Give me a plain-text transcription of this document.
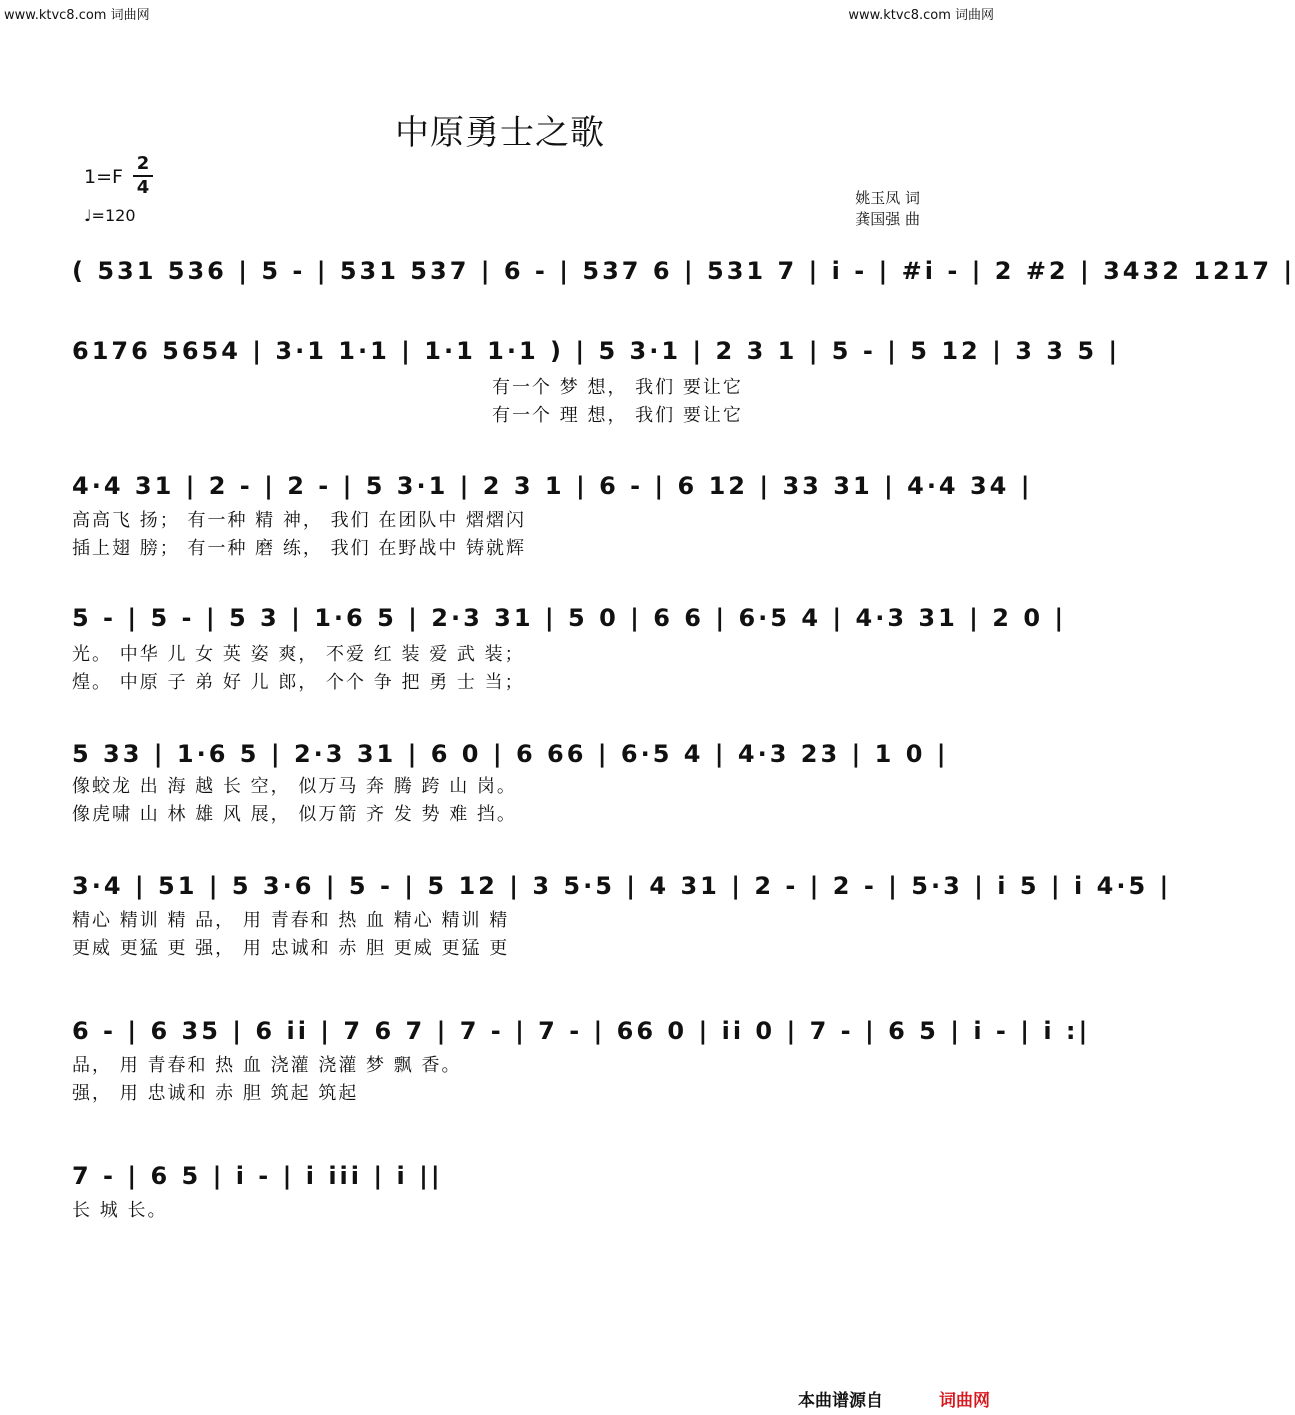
www.ktvc8.com 词曲网	www.ktvc8.com 词曲网
中原勇士之歌
1=F
2
4
♩=120
姚玉凤 词
龚国强 曲
( 531 536 | 5 - | 531 537 | 6 - | 537 6 | 531 7 | i - | #i - | 2 #2 | 3432 1217 |
6176 5654 | 3·1 1·1 | 1·1 1·1 ) | 5 3·1 | 2 3 1 | 5 - | 5 12 | 3 3 5 |
有一个 梦 想， 我们 要让它
有一个 理 想， 我们 要让它
4·4 31 | 2 - | 2 - | 5 3·1 | 2 3 1 | 6 - | 6 12 | 33 31 | 4·4 34 |
高高飞 扬； 有一种 精 神， 我们 在团队中 熠熠闪
插上翅 膀； 有一种 磨 练， 我们 在野战中 铸就辉
5 - | 5 - | 5 3 | 1·6 5 | 2·3 31 | 5 0 | 6 6 | 6·5 4 | 4·3 31 | 2 0 |
光。 中华 儿 女 英 姿 爽， 不爱 红 装 爱 武 装；
煌。 中原 子 弟 好 儿 郎， 个个 争 把 勇 士 当；
5 33 | 1·6 5 | 2·3 31 | 6 0 | 6 66 | 6·5 4 | 4·3 23 | 1 0 |
像蛟龙 出 海 越 长 空， 似万马 奔 腾 跨 山 岗。
像虎啸 山 林 雄 风 展， 似万箭 齐 发 势 难 挡。
3·4 | 51 | 5 3·6 | 5 - | 5 12 | 3 5·5 | 4 31 | 2 - | 2 - | 5·3 | i 5 | i 4·5 |
精心 精训 精 品， 用 青春和 热 血 精心 精训 精
更威 更猛 更 强， 用 忠诚和 赤 胆 更威 更猛 更
6 - | 6 35 | 6 ii | 7 6 7 | 7 - | 7 - | 66 0 | ii 0 | 7 - | 6 5 | i - | i :|
品， 用 青春和 热 血 浇灌 浇灌 梦 飘 香。
强， 用 忠诚和 赤 胆 筑起 筑起
7 - | 6 5 | i - | i iii | i ||
长 城 长。
本曲谱源自	词曲网
